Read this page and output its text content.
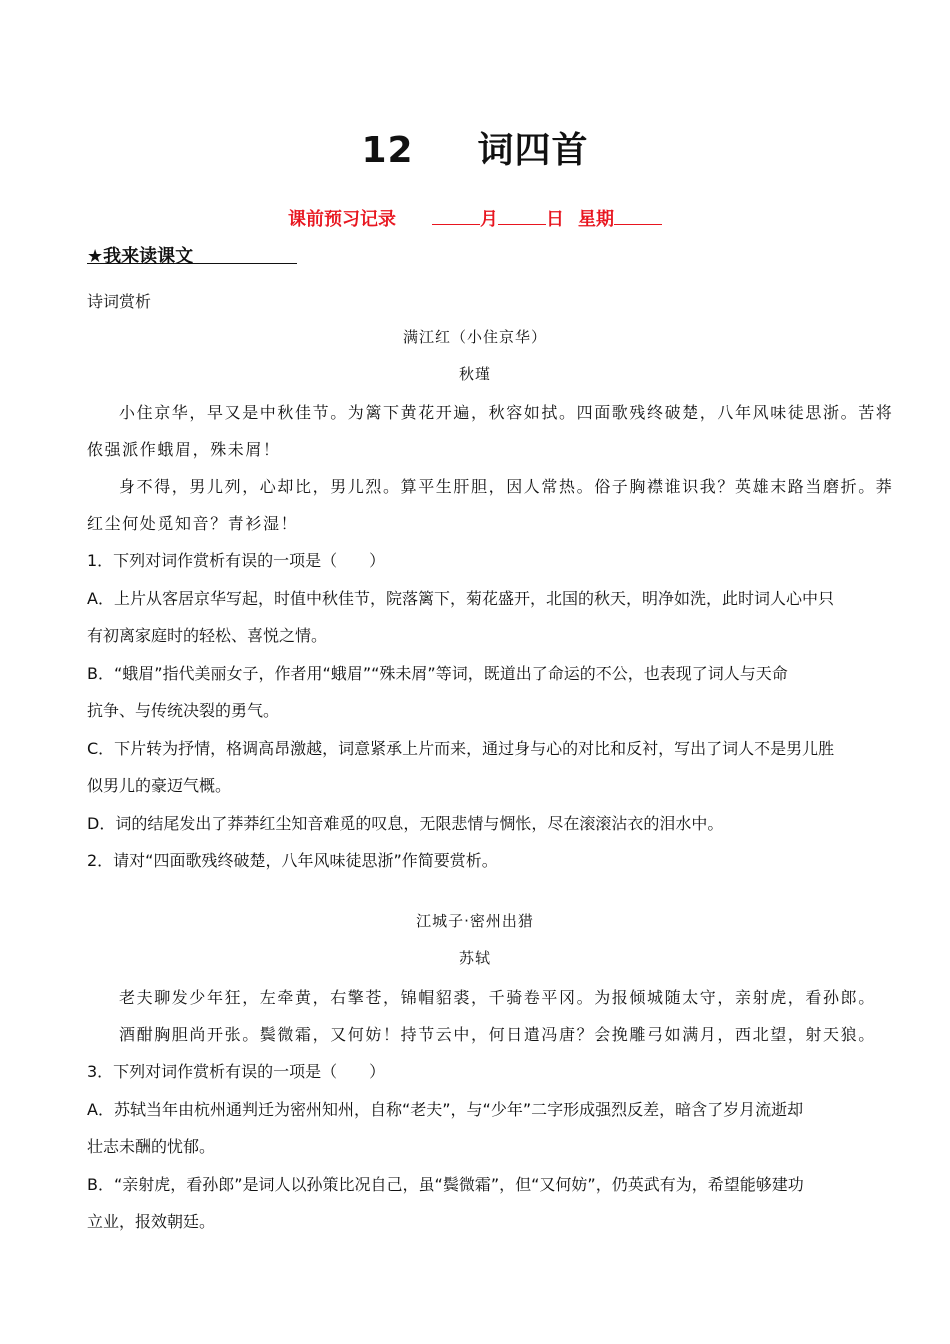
12 词四首
课前预习记录	月	日 星期
★我来读课文
诗词赏析
满江红（小住京华）
秋瑾
小住京华，早又是中秋佳节。为篱下黄花开遍，秋容如拭。四面歌残终破楚，八年风味徒思浙。苦将
侬强派作蛾眉，殊未屑！
身不得，男儿列，心却比，男儿烈。算平生肝胆，因人常热。俗子胸襟谁识我？英雄末路当磨折。莽
红尘何处觅知音？青衫湿！
1．下列对词作赏析有误的一项是（　　）
A．上片从客居京华写起，时值中秋佳节，院落篱下，菊花盛开，北国的秋天，明净如洗，此时词人心中只
有初离家庭时的轻松、喜悦之情。
B．“蛾眉”指代美丽女子，作者用“蛾眉”“殊未屑”等词，既道出了命运的不公，也表现了词人与天命
抗争、与传统决裂的勇气。
C．下片转为抒情，格调高昂激越，词意紧承上片而来，通过身与心的对比和反衬，写出了词人不是男儿胜
似男儿的豪迈气概。
D．词的结尾发出了莽莽红尘知音难觅的叹息，无限悲情与惆怅，尽在滚滚沾衣的泪水中。
2．请对“四面歌残终破楚，八年风味徒思浙”作简要赏析。
江城子·密州出猎
苏轼
老夫聊发少年狂，左牵黄，右擎苍，锦帽貂裘，千骑卷平冈。为报倾城随太守，亲射虎，看孙郎。
酒酣胸胆尚开张。鬓微霜，又何妨！持节云中，何日遣冯唐？会挽雕弓如满月，西北望，射天狼。
3．下列对词作赏析有误的一项是（　　）
A．苏轼当年由杭州通判迁为密州知州，自称“老夫”，与“少年”二字形成强烈反差，暗含了岁月流逝却
壮志未酬的忧郁。
B．“亲射虎，看孙郎”是词人以孙策比况自己，虽“鬓微霜”，但“又何妨”，仍英武有为，希望能够建功
立业，报效朝廷。
